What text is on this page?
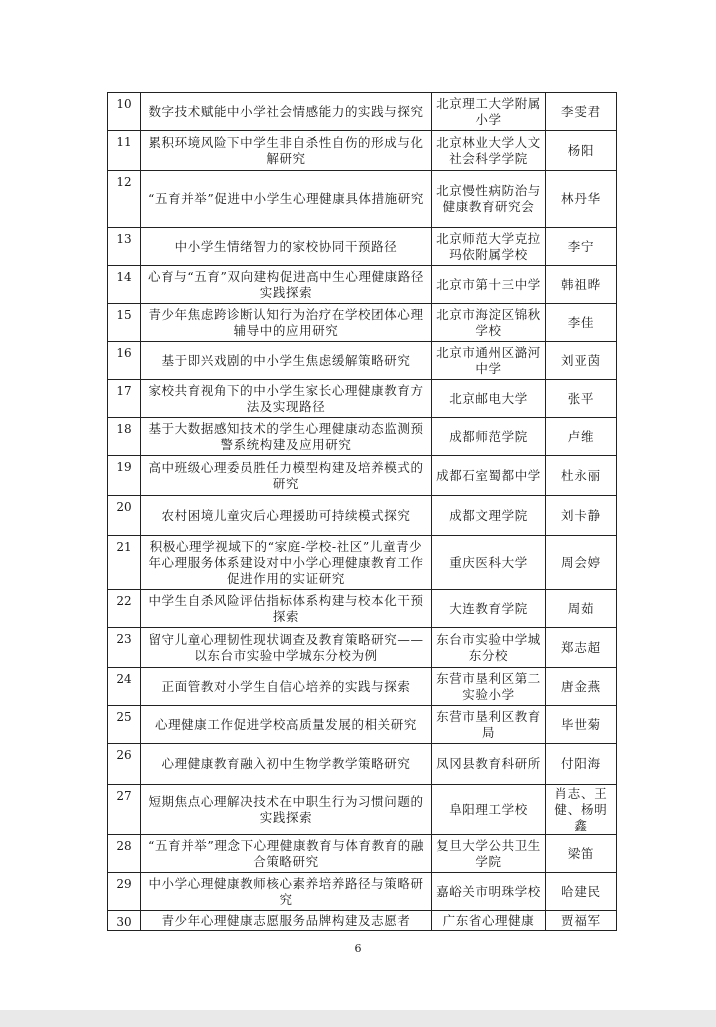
10	数字技术赋能中小学社会情感能力的实践与探究	北京理工大学附属小学	李雯君
11	累积环境风险下中学生非自杀性自伤的形成与化解研究	北京林业大学人文社会科学学院	杨阳
12	“五育并举”促进中小学生心理健康具体措施研究	北京慢性病防治与健康教育研究会	林丹华
13	中小学生情绪智力的家校协同干预路径	北京师范大学克拉玛依附属学校	李宁
14	心育与“五育”双向建构促进高中生心理健康路径实践探索	北京市第十三中学	韩祖晔
15	青少年焦虑跨诊断认知行为治疗在学校团体心理辅导中的应用研究	北京市海淀区锦秋学校	李佳
16	基于即兴戏剧的中小学生焦虑缓解策略研究	北京市通州区潞河中学	刘亚茵
17	家校共育视角下的中小学生家长心理健康教育方法及实现路径	北京邮电大学	张平
18	基于大数据感知技术的学生心理健康动态监测预警系统构建及应用研究	成都师范学院	卢维
19	高中班级心理委员胜任力模型构建及培养模式的研究	成都石室蜀都中学	杜永丽
20	农村困境儿童灾后心理援助可持续模式探究	成都文理学院	刘卡静
21	积极心理学视域下的“家庭-学校-社区”儿童青少年心理服务体系建设对中小学心理健康教育工作促进作用的实证研究	重庆医科大学	周会婷
22	中学生自杀风险评估指标体系构建与校本化干预探索	大连教育学院	周茹
23	留守儿童心理韧性现状调查及教育策略研究——以东台市实验中学城东分校为例	东台市实验中学城东分校	郑志超
24	正面管教对小学生自信心培养的实践与探索	东营市垦利区第二实验小学	唐金燕
25	心理健康工作促进学校高质量发展的相关研究	东营市垦利区教育局	毕世菊
26	心理健康教育融入初中生物学教学策略研究	凤冈县教育科研所	付阳海
27	短期焦点心理解决技术在中职生行为习惯问题的实践探索	阜阳理工学校	肖志、王健、杨明鑫
28	“五育并举”理念下心理健康教育与体育教育的融合策略研究	复旦大学公共卫生学院	梁笛
29	中小学心理健康教师核心素养培养路径与策略研究	嘉峪关市明珠学校	哈建民
30	青少年心理健康志愿服务品牌构建及志愿者	广东省心理健康	贾福军
6
